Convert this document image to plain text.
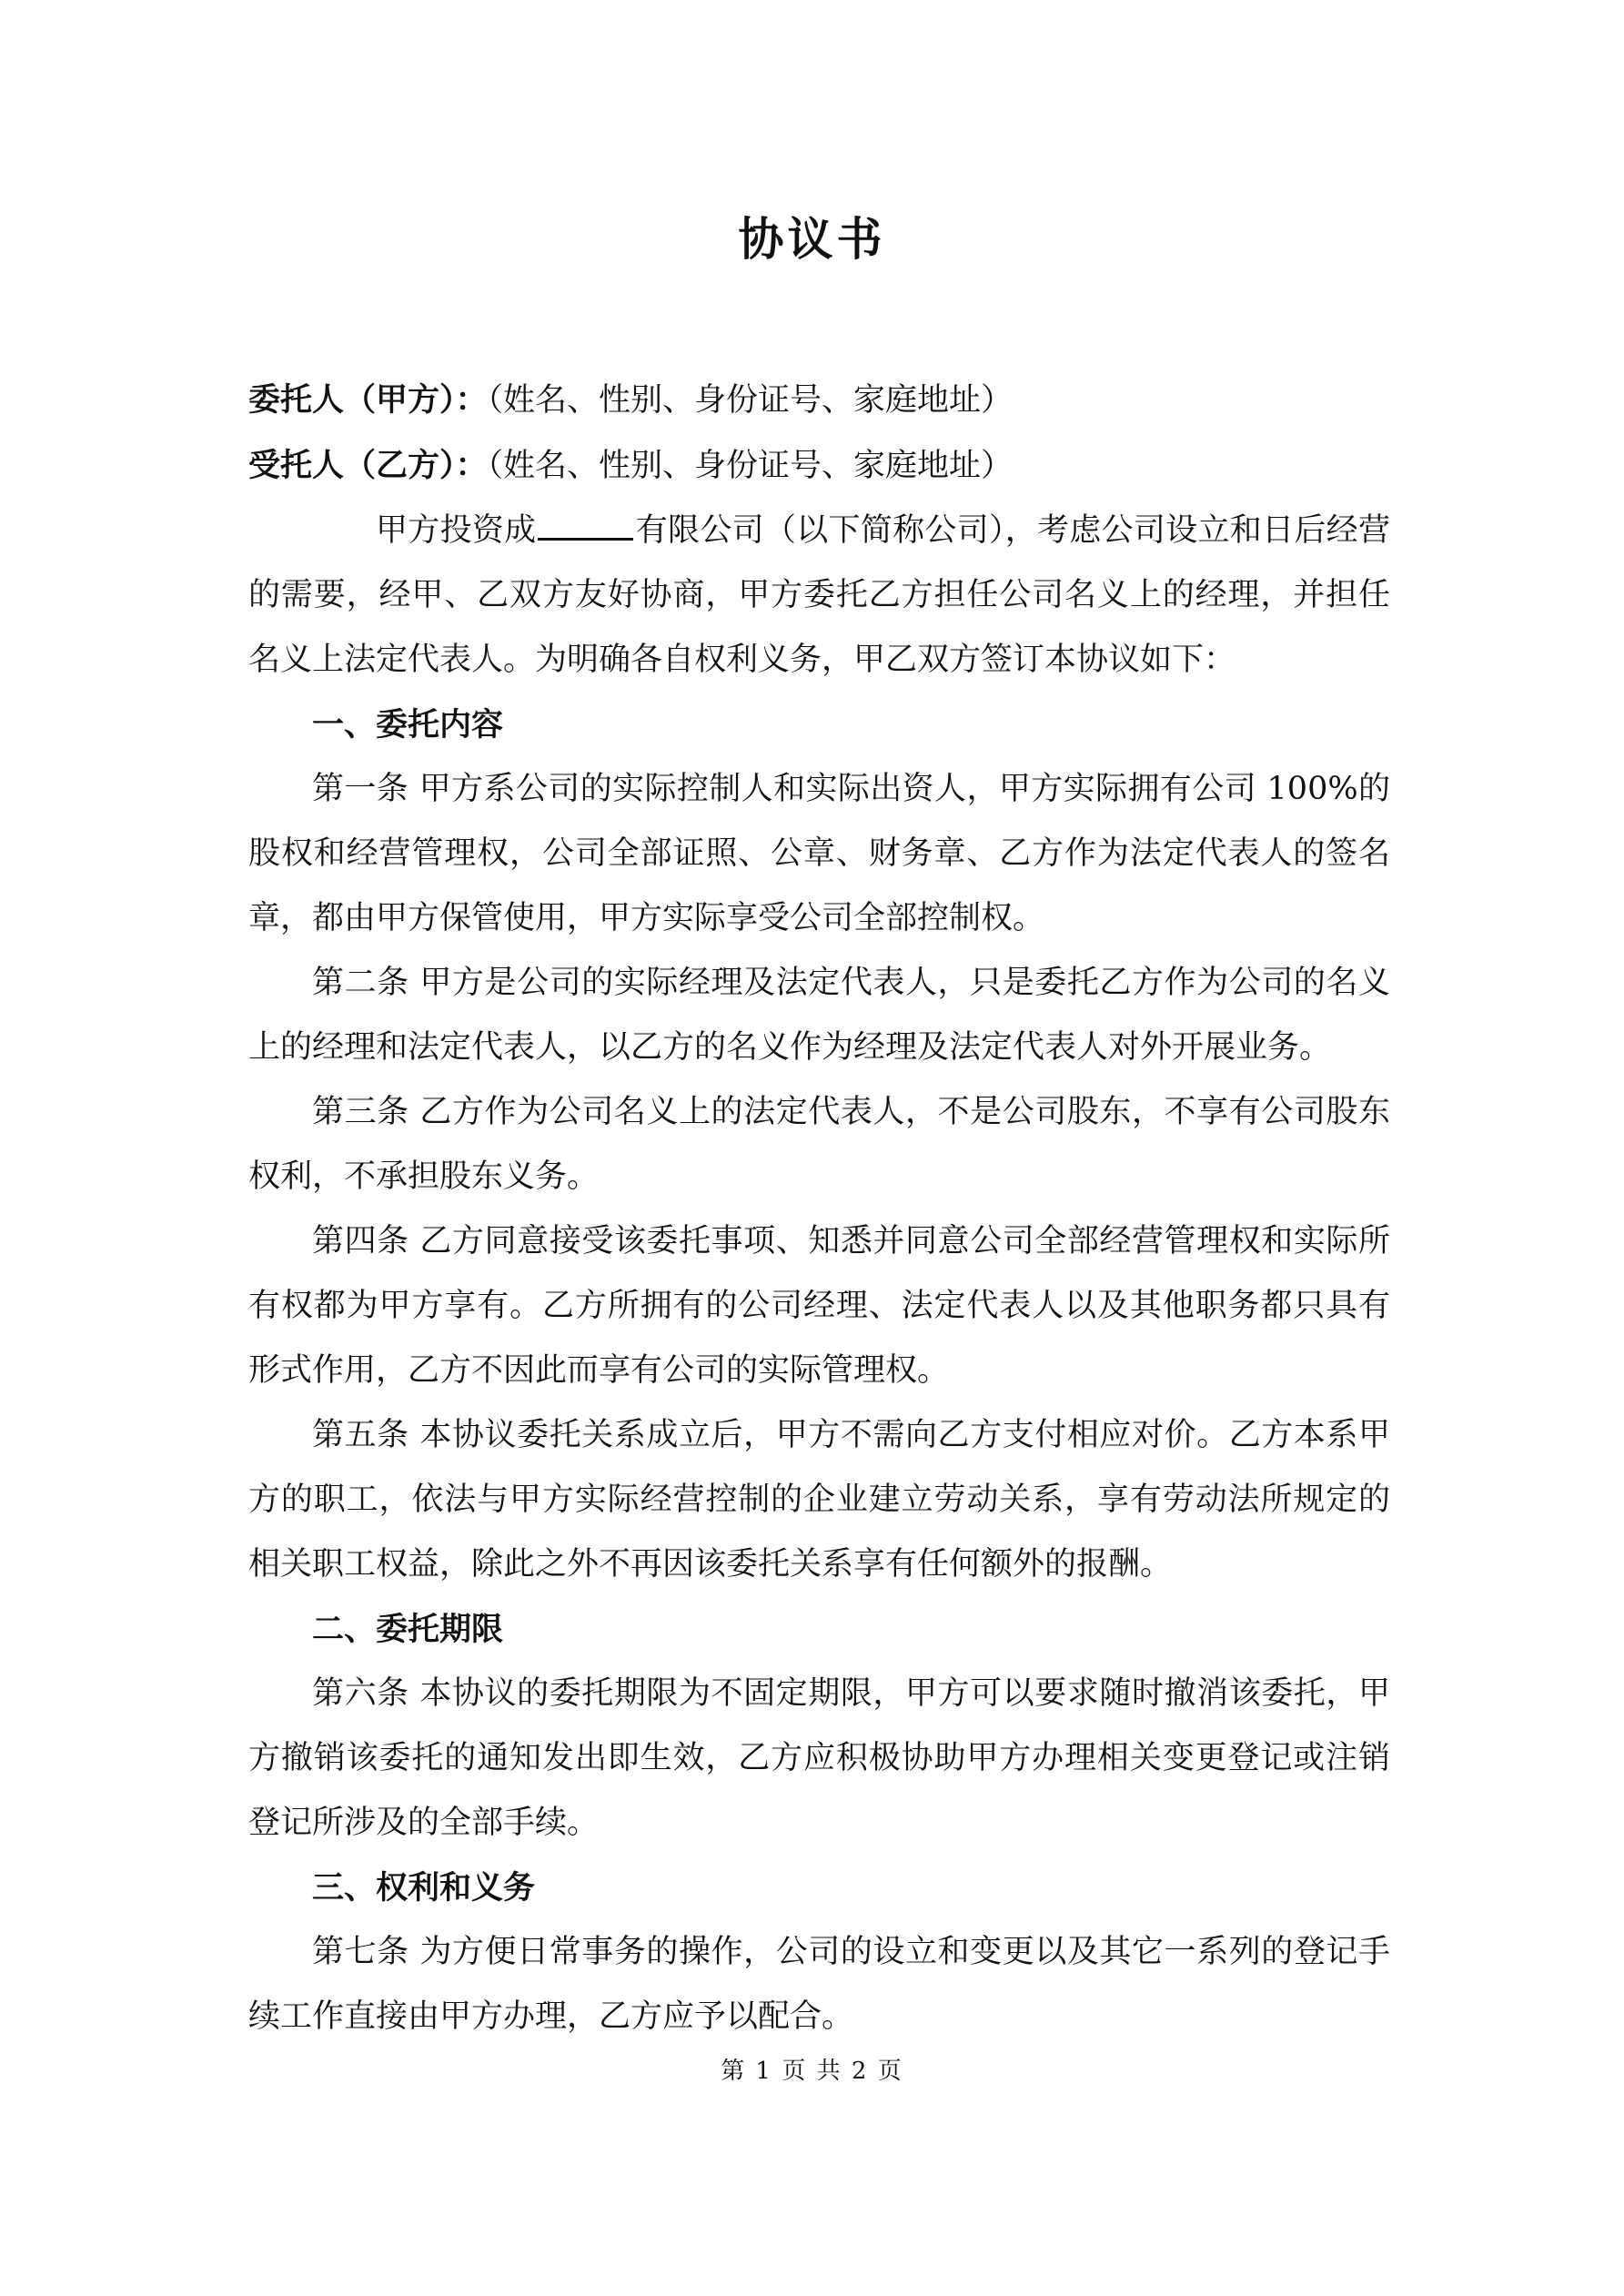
协议书

委托人（甲方）：（姓名、性别、身份证号、家庭地址）

受托人（乙方）：（姓名、性别、身份证号、家庭地址）

甲方投资成	有限公司（以下简称公司），考虑公司设立和日后经营的需要，经甲、乙双方友好协商，甲方委托乙方担任公司名义上的经理，并担任名义上法定代表人。为明确各自权利义务，甲乙双方签订本协议如下：

一、委托内容

第一条 甲方系公司的实际控制人和实际出资人，甲方实际拥有公司 100%的股权和经营管理权，公司全部证照、公章、财务章、乙方作为法定代表人的签名章，都由甲方保管使用，甲方实际享受公司全部控制权。

第二条 甲方是公司的实际经理及法定代表人，只是委托乙方作为公司的名义上的经理和法定代表人，以乙方的名义作为经理及法定代表人对外开展业务。

第三条 乙方作为公司名义上的法定代表人，不是公司股东，不享有公司股东权利，不承担股东义务。

第四条 乙方同意接受该委托事项、知悉并同意公司全部经营管理权和实际所有权都为甲方享有。乙方所拥有的公司经理、法定代表人以及其他职务都只具有形式作用，乙方不因此而享有公司的实际管理权。

第五条 本协议委托关系成立后，甲方不需向乙方支付相应对价。乙方本系甲方的职工，依法与甲方实际经营控制的企业建立劳动关系，享有劳动法所规定的相关职工权益，除此之外不再因该委托关系享有任何额外的报酬。

二、委托期限

第六条 本协议的委托期限为不固定期限，甲方可以要求随时撤消该委托，甲方撤销该委托的通知发出即生效，乙方应积极协助甲方办理相关变更登记或注销登记所涉及的全部手续。

三、权利和义务

第七条 为方便日常事务的操作，公司的设立和变更以及其它一系列的登记手续工作直接由甲方办理，乙方应予以配合。

第 1 页 共 2 页
